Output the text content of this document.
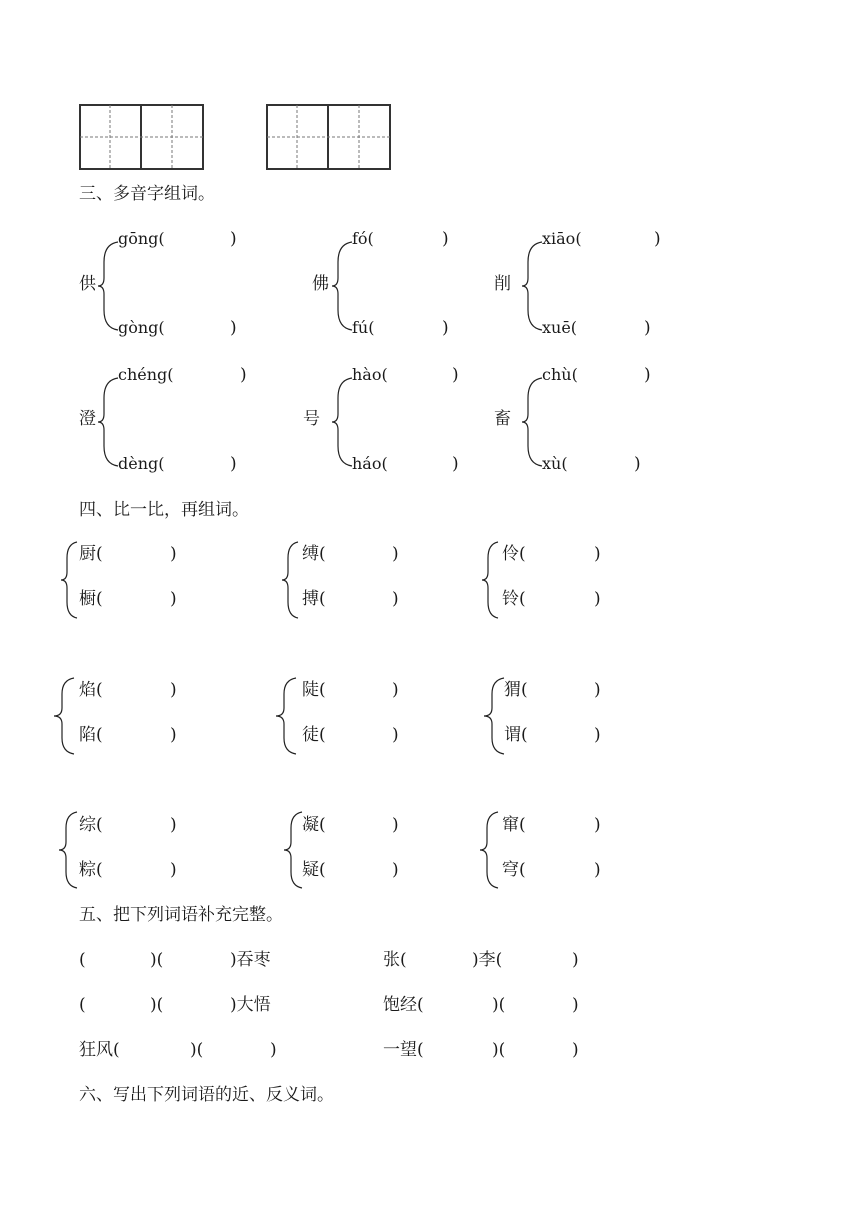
三、多音字组词。
供
gōng(	)
gòng(	)
佛
fó(	)
fú(	)
削
xiāo(	)
xuē(	)
澄
chéng(	)
dèng(	)
号
hào(	)
háo(	)
畜
chù(	)
xù(	)
四、比一比，再组词。
厨(	)
橱(	)
缚(	)
搏(	)
伶(	)
铃(	)
焰(	)
陷(	)
陡(	)
徒(	)
猬(	)
谓(	)
综(	)
粽(	)
凝(	)
疑(	)
窜(	)
穹(	)
五、把下列词语补充完整。
(	)(	)吞枣	张(	)李(	)
(	)(	)大悟	饱经(	)(	)
狂风(	)(	)	一望(	)(	)
六、写出下列词语的近、反义词。
